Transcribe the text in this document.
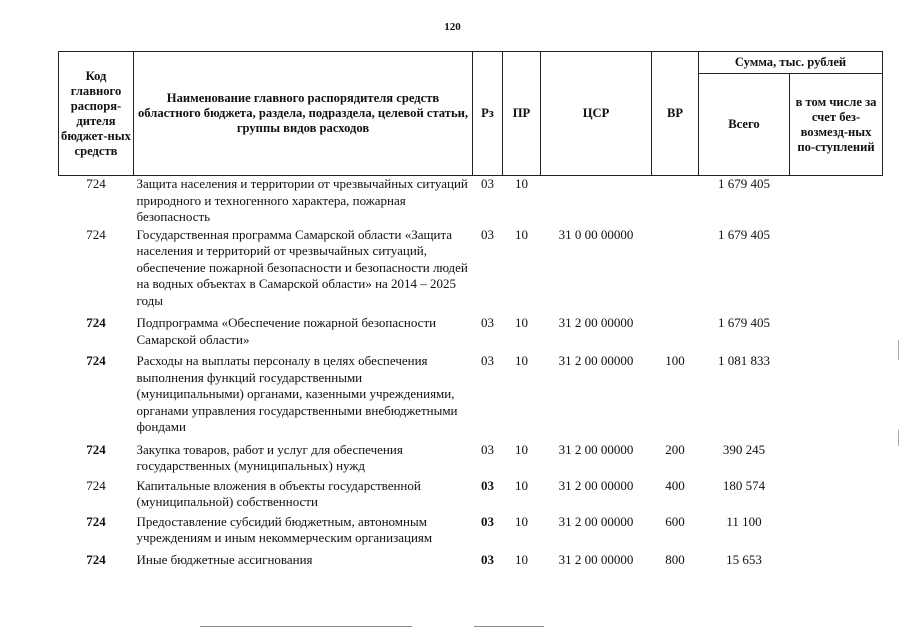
120
Код главного распоря-дителя бюджет-ных средств	Наименование главного распорядителя средств областного бюджета, раздела, подраздела, целевой статьи, группы видов расходов	Рз	ПР	ЦСР	ВР	Сумма, тыс. рублей	
						Всего	в том числе за счет без-возмезд-ных по-ступлений
724	Защита населения и территории от чрезвычайных ситуаций природного и техногенного характера, пожарная безопасность	03	10			1 679 405	
724	Государственная программа Самарской области «Защита населения и территорий от чрезвычайных ситуаций, обеспечение пожарной безопасности и безопасности людей на водных объектах в Самарской области» на 2014 – 2025 годы	03	10	31 0 00 00000		1 679 405	
724	Подпрограмма «Обеспечение пожарной безопасности Самарской области»	03	10	31 2 00 00000		1 679 405	
724	Расходы на выплаты персоналу в целях обеспечения выполнения функций государственными (муниципальными) органами, казенными учреждениями, органами управления государственными внебюджетными фондами	03	10	31 2 00 00000	100	1 081 833	
724	Закупка товаров, работ и услуг для обеспечения государственных (муниципальных) нужд	03	10	31 2 00 00000	200	390 245	
724	Капитальные вложения в объекты государственной (муниципальной) собственности	03	10	31 2 00 00000	400	180 574	
724	Предоставление субсидий бюджетным, автономным учреждениям и иным некоммерческим организациям	03	10	31 2 00 00000	600	11 100	
724	Иные бюджетные ассигнования	03	10	31 2 00 00000	800	15 653	
